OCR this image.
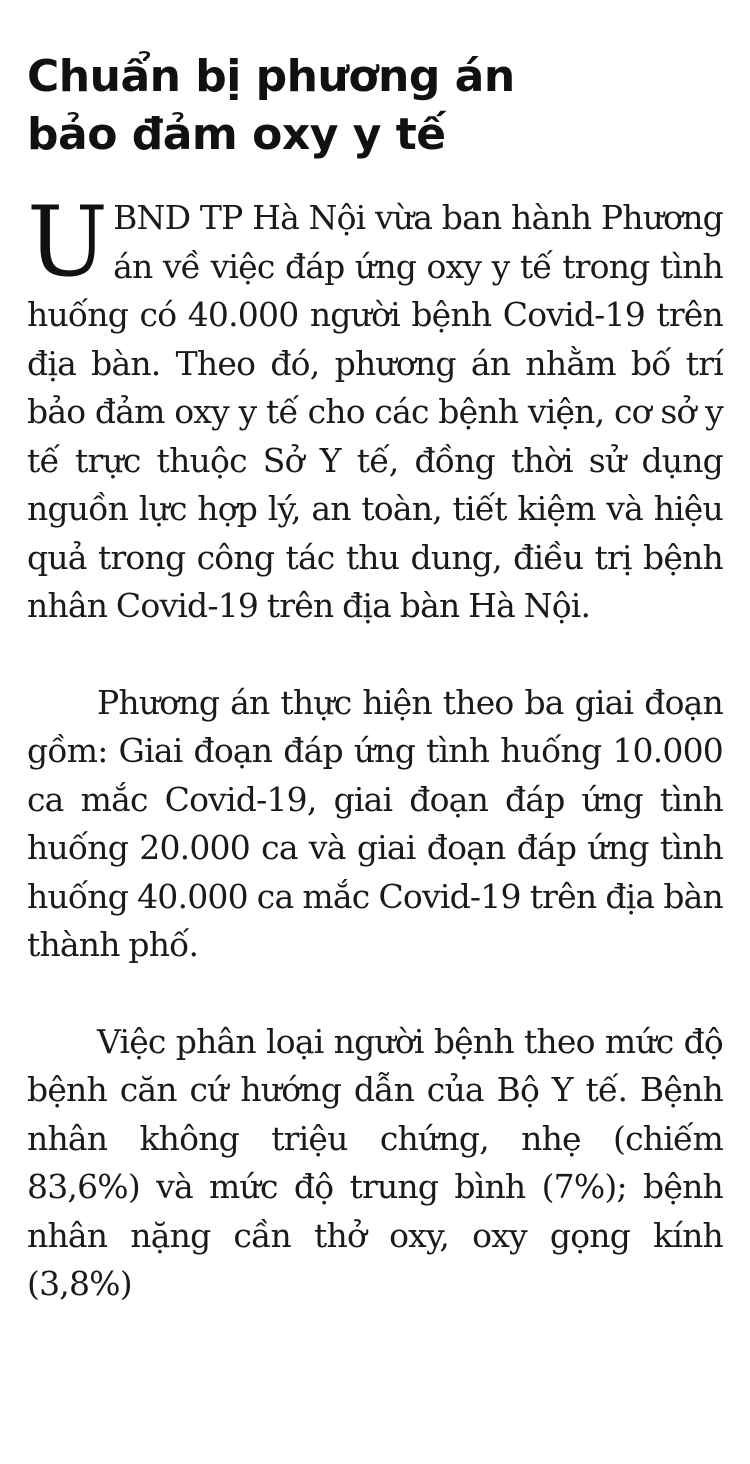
Chuẩn bị phương án
bảo đảm oxy y tế

U BND TP Hà Nội vừa ban hành Phương án về việc đáp ứng oxy y tế trong tình huống có 40.000 người bệnh Covid-19 trên địa bàn. Theo đó, phương án nhằm bố trí bảo đảm oxy y tế cho các bệnh viện, cơ sở y tế trực thuộc Sở Y tế, đồng thời sử dụng nguồn lực hợp lý, an toàn, tiết kiệm và hiệu quả trong công tác thu dung, điều trị bệnh nhân Covid-19 trên địa bàn Hà Nội.

Phương án thực hiện theo ba giai đoạn gồm: Giai đoạn đáp ứng tình huống 10.000 ca mắc Covid-19, giai đoạn đáp ứng tình huống 20.000 ca và giai đoạn đáp ứng tình huống 40.000 ca mắc Covid-19 trên địa bàn thành phố.

Việc phân loại người bệnh theo mức độ bệnh căn cứ hướng dẫn của Bộ Y tế. Bệnh nhân không triệu chứng, nhẹ (chiếm 83,6%) và mức độ trung bình (7%); bệnh nhân nặng cần thở oxy, oxy gọng kính (3,8%)
